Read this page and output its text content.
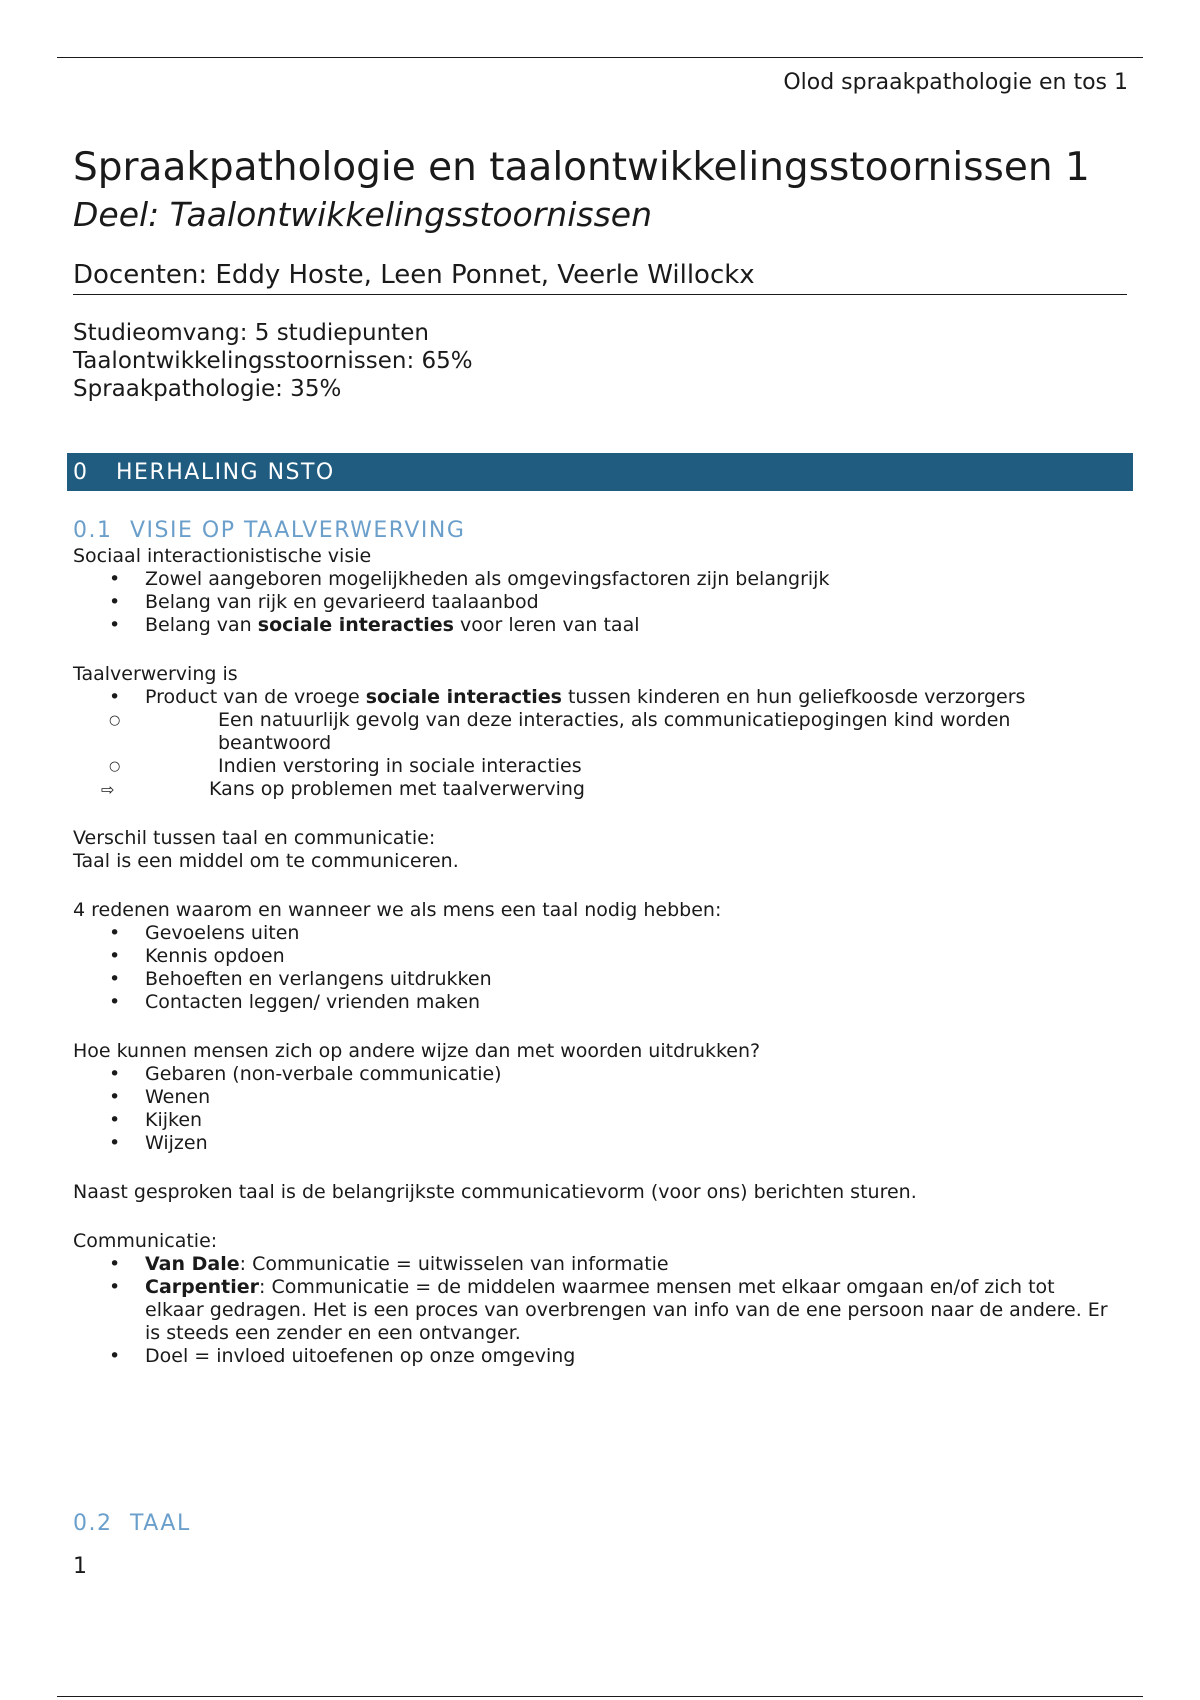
Olod spraakpathologie en tos 1
Spraakpathologie en taalontwikkelingsstoornissen 1
Deel: Taalontwikkelingsstoornissen
Docenten: Eddy Hoste, Leen Ponnet, Veerle Willockx
Studieomvang: 5 studiepunten
Taalontwikkelingsstoornissen: 65%
Spraakpathologie: 35%
0	HERHALING NSTO
0.1 VISIE OP TAALVERWERVING
Sociaal interactionistische visie
• Zowel aangeboren mogelijkheden als omgevingsfactoren zijn belangrijk
• Belang van rijk en gevarieerd taalaanbod
• Belang van sociale interacties voor leren van taal
Taalverwerving is
• Product van de vroege sociale interacties tussen kinderen en hun geliefkoosde verzorgers
○ Een natuurlijk gevolg van deze interacties, als communicatiepogingen kind worden beantwoord
○ Indien verstoring in sociale interacties
⇨ Kans op problemen met taalverwerving
Verschil tussen taal en communicatie:
Taal is een middel om te communiceren.
4 redenen waarom en wanneer we als mens een taal nodig hebben:
• Gevoelens uiten
• Kennis opdoen
• Behoeften en verlangens uitdrukken
• Contacten leggen/ vrienden maken
Hoe kunnen mensen zich op andere wijze dan met woorden uitdrukken?
• Gebaren (non-verbale communicatie)
• Wenen
• Kijken
• Wijzen
Naast gesproken taal is de belangrijkste communicatievorm (voor ons) berichten sturen.
Communicatie:
• Van Dale: Communicatie = uitwisselen van informatie
• Carpentier: Communicatie = de middelen waarmee mensen met elkaar omgaan en/of zich tot elkaar gedragen. Het is een proces van overbrengen van info van de ene persoon naar de andere. Er is steeds een zender en een ontvanger.
• Doel = invloed uitoefenen op onze omgeving
0.2 TAAL
1
